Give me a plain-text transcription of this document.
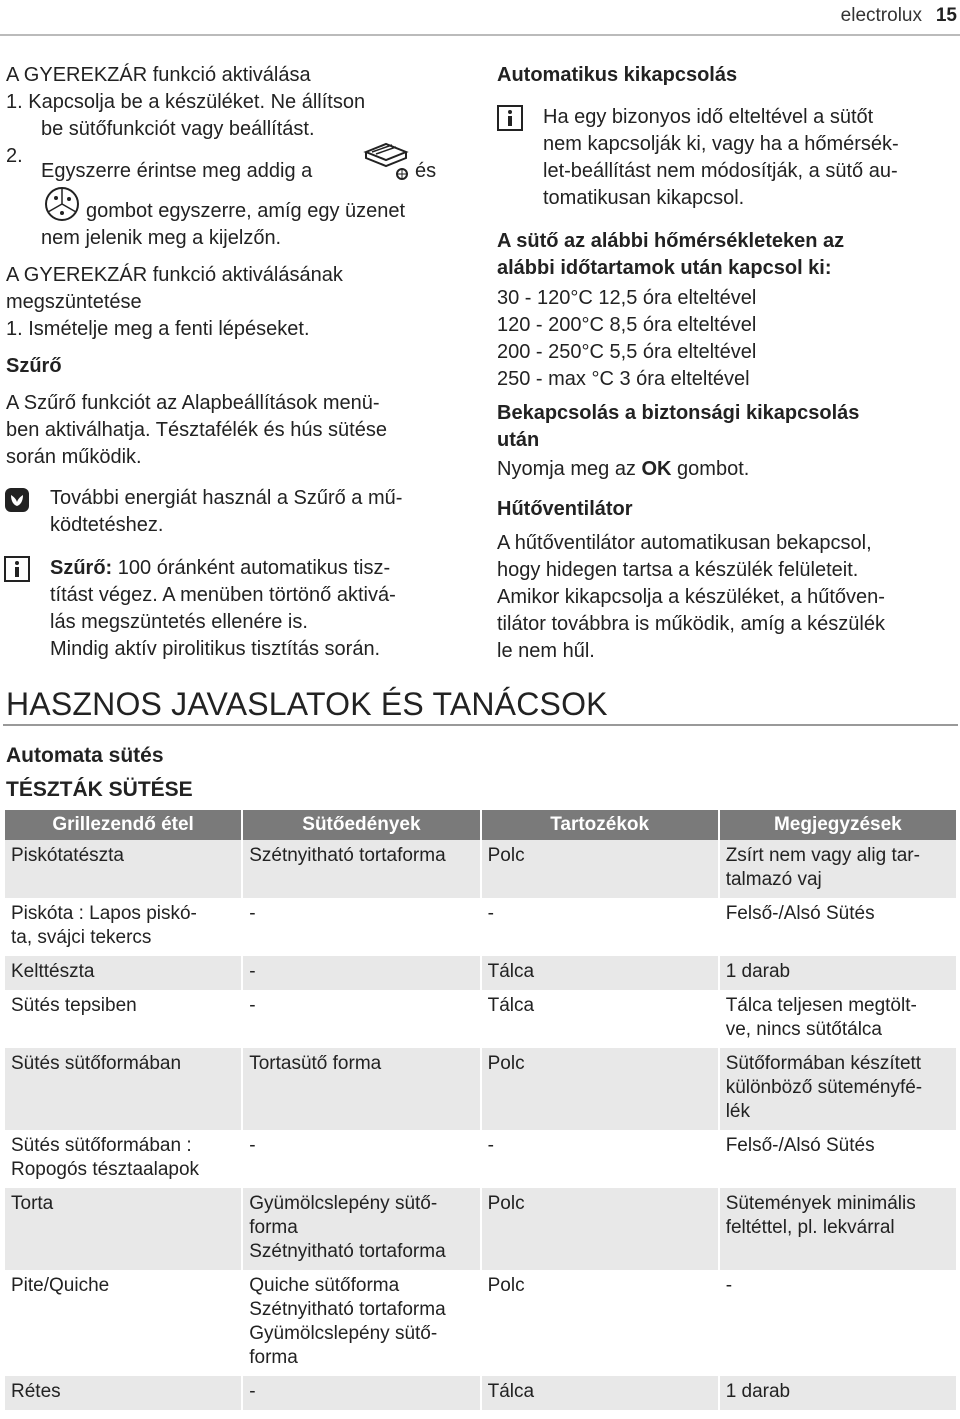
electrolux 15
A GYEREKZÁR funkció aktiválása
1. Kapcsolja be a készüléket. Ne állítson
be sütőfunkciót vagy beállítást.
2.
Egyszerre érintse meg addig a	és
gombot egyszerre, amíg egy üzenet
nem jelenik meg a kijelzőn.
A GYEREKZÁR funkció aktiválásának
megszüntetése
1. Ismételje meg a fenti lépéseket.
Szűrő
A Szűrő funkciót az Alapbeállítások menü-
ben aktiválhatja. Tésztafélék és hús sütése
során működik.
További energiát használ a Szűrő a mű-
ködtetéshez.
Szűrő: 100 óránként automatikus tisz-
títást végez. A menüben törtönő aktivá-
lás megszüntetés ellenére is.
Mindig aktív pirolitikus tisztítás során.
Automatikus kikapcsolás
Ha egy bizonyos idő elteltével a sütőt
nem kapcsolják ki, vagy ha a hőmérsék-
let-beállítást nem módosítják, a sütő au-
tomatikusan kikapcsol.
A sütő az alábbi hőmérsékleteken az
alábbi időtartamok után kapcsol ki:
30 - 120°C 12,5 óra elteltével
120 - 200°C 8,5 óra elteltével
200 - 250°C 5,5 óra elteltével
250 - max °C 3 óra elteltével
Bekapcsolás a biztonsági kikapcsolás
után
Nyomja meg az OK gombot.
Hűtőventilátor
A hűtőventilátor automatikusan bekapcsol,
hogy hidegen tartsa a készülék felületeit.
Amikor kikapcsolja a készüléket, a hűtőven-
tilátor továbbra is működik, amíg a készülék
le nem hűl.
HASZNOS JAVASLATOK ÉS TANÁCSOK
Automata sütés
TÉSZTÁK SÜTÉSE
Grillezendő étel	Sütőedények	Tartozékok	Megjegyzések
Piskótatészta	Szétnyitható tortaforma	Polc	Zsírt nem vagy alig tar-
talmazó vaj
Piskóta : Lapos piskó-
ta, svájci tekercs	-	-	Felső-/Alsó Sütés
Kelttészta	-	Tálca	1 darab
Sütés tepsiben	-	Tálca	Tálca teljesen megtölt-
ve, nincs sütőtálca
Sütés sütőformában	Tortasütő forma	Polc	Sütőformában készített
különböző süteményfé-
lék
Sütés sütőformában :
Ropogós tésztaalapok	-	-	Felső-/Alsó Sütés
Torta	Gyümölcslepény sütő-
forma
Szétnyitható tortaforma	Polc	Sütemények minimális
feltéttel, pl. lekvárral
Pite/Quiche	Quiche sütőforma
Szétnyitható tortaforma
Gyümölcslepény sütő-
forma	Polc	-
Rétes	-	Tálca	1 darab
